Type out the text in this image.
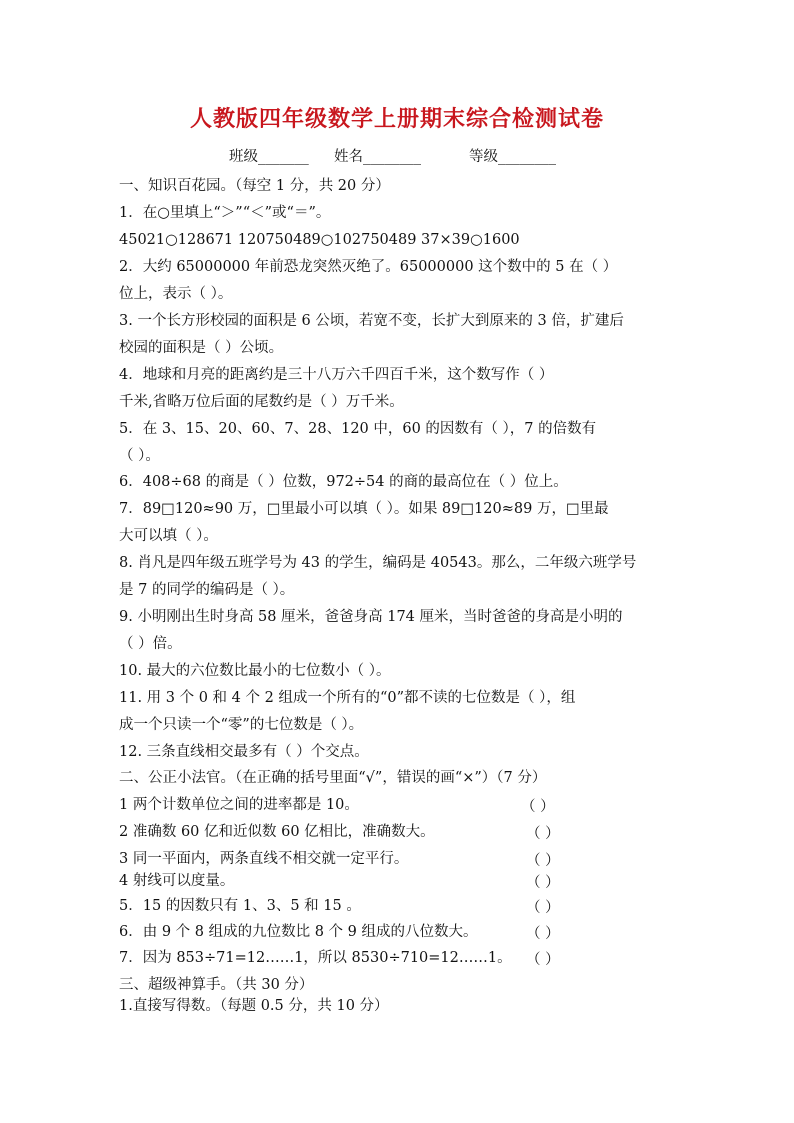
人教版四年级数学上册期末综合检测试卷
班级_______ 姓名________	等级________
一、知识百花园。（每空 1 分，共 20 分）
1．在○里填上“＞”“＜”或“＝”。
45021○128671 120750489○102750489 37×39○1600
2．大约 65000000 年前恐龙突然灭绝了。65000000 这个数中的 5 在（ ）
位上，表示（ ）。
3. 一个长方形校园的面积是 6 公顷，若宽不变，长扩大到原来的 3 倍，扩建后
校园的面积是（ ）公顷。
4．地球和月亮的距离约是三十八万六千四百千米，这个数写作（ ）
千米,省略万位后面的尾数约是（ ）万千米。
5．在 3、15、20、60、7、28、120 中，60 的因数有（ ），7 的倍数有
（ ）。
6．408÷68 的商是（ ）位数，972÷54 的商的最高位在（ ）位上。
7．89□120≈90 万，□里最小可以填（ ）。如果 89□120≈89 万，□里最
大可以填（ ）。
8. 肖凡是四年级五班学号为 43 的学生，编码是 40543。那么，二年级六班学号
是 7 的同学的编码是（ ）。
9. 小明刚出生时身高 58 厘米，爸爸身高 174 厘米，当时爸爸的身高是小明的
（ ）倍。
10. 最大的六位数比最小的七位数小（ ）。
11. 用 3 个 0 和 4 个 2 组成一个所有的“0”都不读的七位数是（ ），组
成一个只读一个“零”的七位数是（ ）。
12. 三条直线相交最多有（ ）个交点。
二、公正小法官。（在正确的括号里面“√”，错误的画“×”）（7 分）
1 两个计数单位之间的进率都是 10。	（ ）
2 准确数 60 亿和近似数 60 亿相比，准确数大。	（ ）
3 同一平面内，两条直线不相交就一定平行。	（ ）
4 射线可以度量。	（ ）
5．15 的因数只有 1、3、5 和 15 。	（ ）
6．由 9 个 8 组成的九位数比 8 个 9 组成的八位数大。	（ ）
7．因为 853÷71=12……1，所以 8530÷710=12……1。 （ ）
三、超级神算手。（共 30 分）
1.直接写得数。（每题 0.5 分，共 10 分）
